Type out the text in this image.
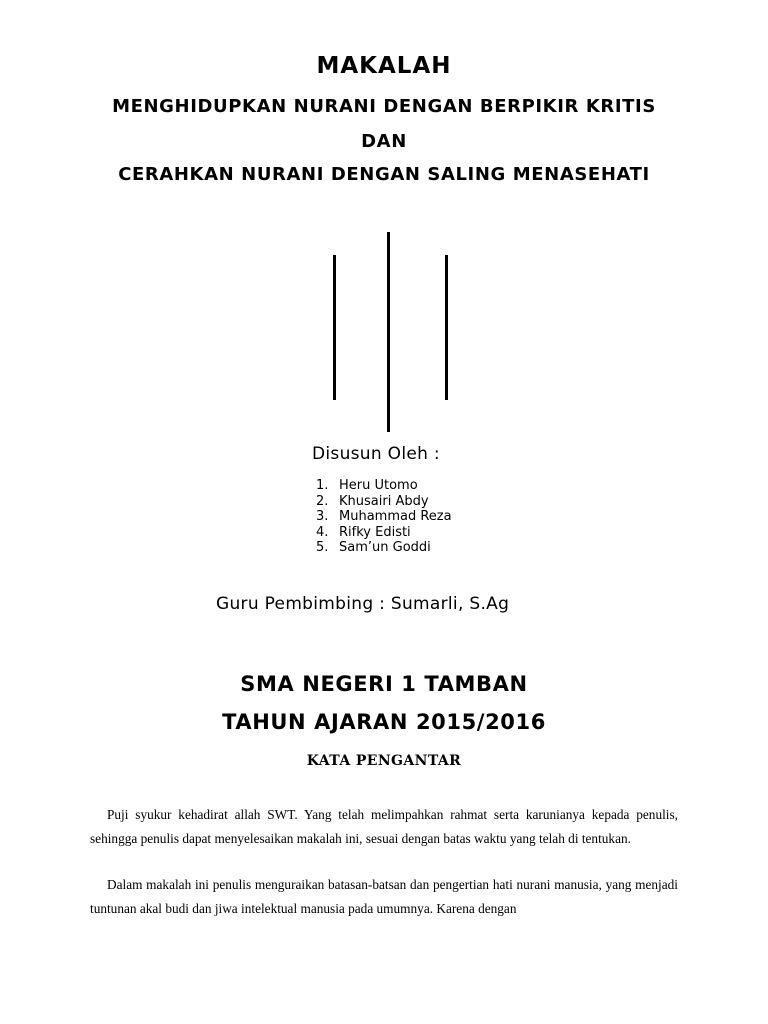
MAKALAH
MENGHIDUPKAN NURANI DENGAN BERPIKIR KRITIS
DAN
CERAHKAN NURANI DENGAN SALING MENASEHATI
Disusun Oleh :
1. Heru Utomo
2. Khusairi Abdy
3. Muhammad Reza
4. Rifky Edisti
5. Sam’un Goddi
Guru Pembimbing : Sumarli, S.Ag
SMA NEGERI 1 TAMBAN
TAHUN AJARAN 2015/2016
KATA PENGANTAR

Puji syukur kehadirat allah SWT. Yang telah melimpahkan rahmat serta karunianya kepada penulis, sehingga penulis dapat menyelesaikan makalah ini, sesuai dengan batas waktu yang telah di tentukan.

Dalam makalah ini penulis menguraikan batasan-batsan dan pengertian hati nurani manusia, yang menjadi tuntunan akal budi dan jiwa intelektual manusia pada umumnya. Karena dengan
